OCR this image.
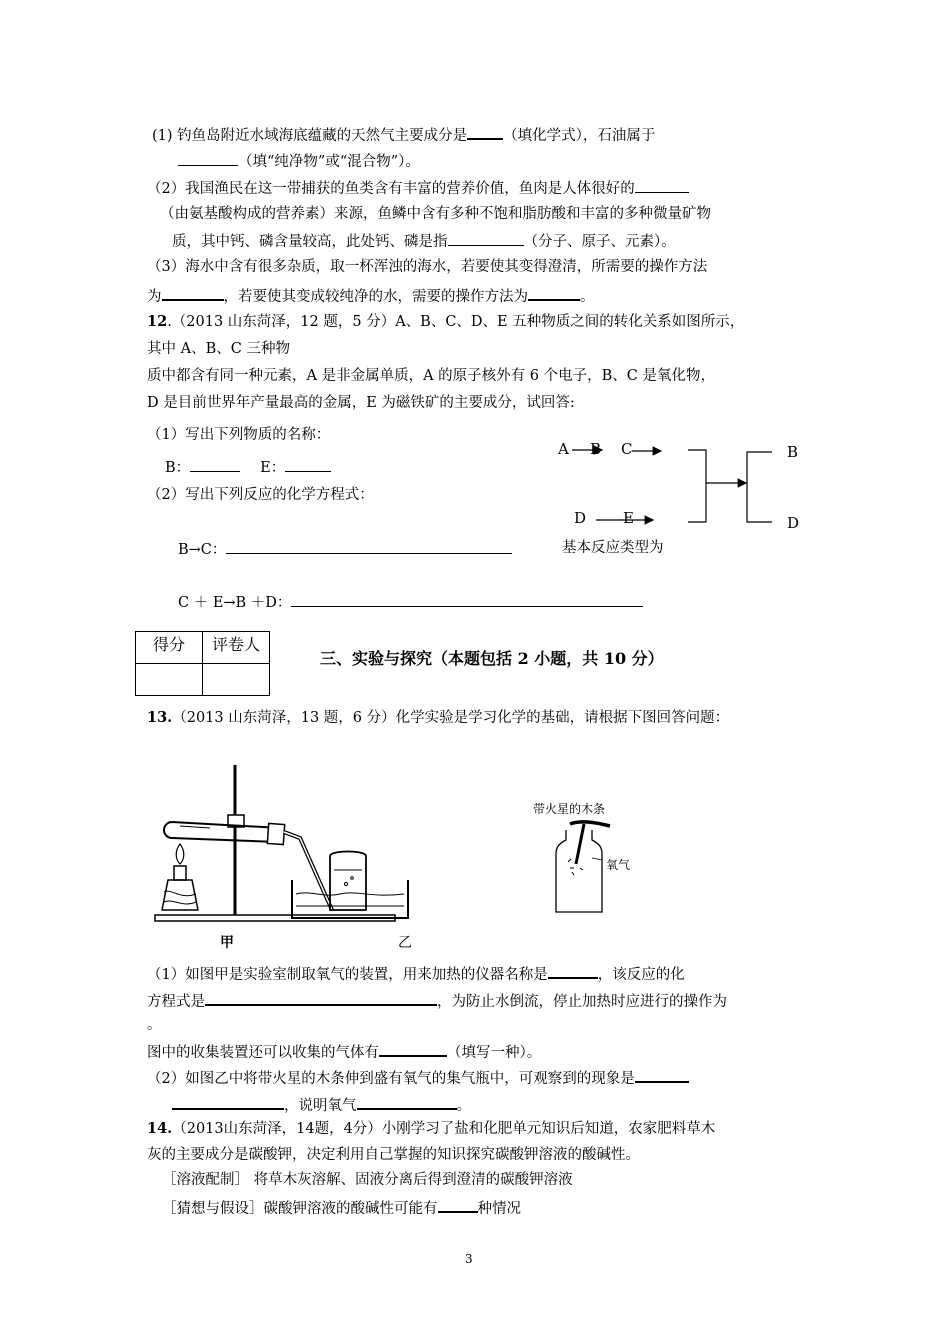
(1) 钓鱼岛附近水域海底蕴藏的天然气主要成分是 （填化学式），石油属于
（填“纯净物”或“混合物”）。
（2）我国渔民在这一带捕获的鱼类含有丰富的营养价值，鱼肉是人体很好的
（由氨基酸构成的营养素）来源，鱼鳞中含有多种不饱和脂肪酸和丰富的多种微量矿物
质，其中钙、磷含量较高，此处钙、磷是指	（分子、原子、元素）。
（3）海水中含有很多杂质，取一杯浑浊的海水，若要使其变得澄清，所需要的操作方法
为	，若要使其变成较纯净的水，需要的操作方法为	。
12.（2013 山东菏泽，12 题，5 分）A、B、C、D、E 五种物质之间的转化关系如图所示，
其中 A、B、C 三种物
质中都含有同一种元素，A 是非金属单质，A 的原子核外有 6 个电子，B、C 是氧化物，
D 是目前世界年产量最高的金属，E 为磁铁矿的主要成分，试回答:
（1）写出下列物质的名称：
B：	E：
（2）写出下列反应的化学方程式：
B→C：	基本反应类型为
C ＋ E→B ＋D：
A B C
D E
B
D
得分	评卷人

三、实验与探究（本题包括 2 小题，共 10 分）
13.（2013 山东菏泽，13 题，6 分）化学实验是学习化学的基础，请根据下图回答问题：
甲	乙
带火星的木条
氧气
（1）如图甲是实验室制取氧气的装置，用来加热的仪器名称是	，该反应的化
方程式是	，为防止水倒流，停止加热时应进行的操作为
。
图中的收集装置还可以收集的气体有	（填写一种）。
（2）如图乙中将带火星的木条伸到盛有氧气的集气瓶中，可观察到的现象是
，说明氧气	。
14.（2013山东菏泽，14题，4分）小刚学习了盐和化肥单元知识后知道，农家肥料草木
灰的主要成分是碳酸钾，决定利用自己掌握的知识探究碳酸钾溶液的酸碱性。
［溶液配制］ 将草木灰溶解、固液分离后得到澄清的碳酸钾溶液
［猜想与假设］碳酸钾溶液的酸碱性可能有	种情况
3
